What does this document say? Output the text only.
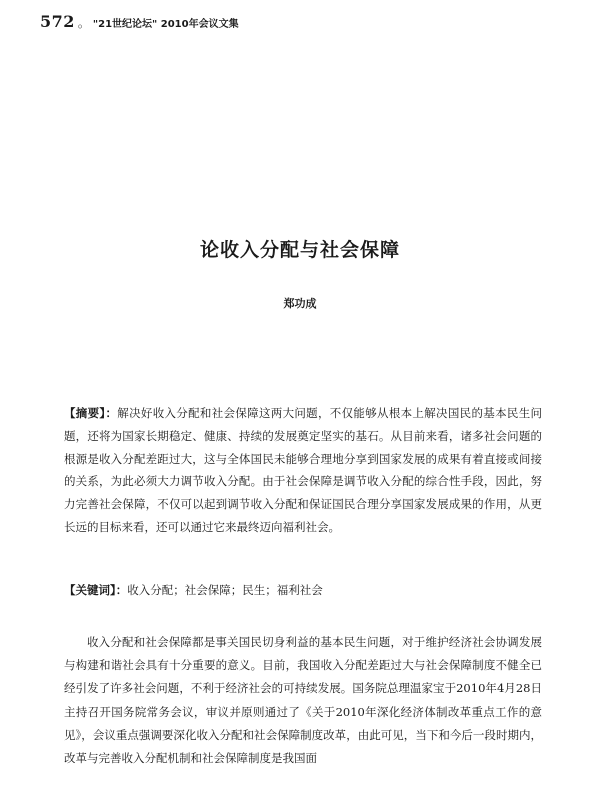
572 。 "21世纪论坛" 2010年会议文集
论收入分配与社会保障
郑功成
【摘要】：解决好收入分配和社会保障这两大问题，不仅能够从根本上解决国民的基本民生问题，还将为国家长期稳定、健康、持续的发展奠定坚实的基石。从目前来看，诸多社会问题的根源是收入分配差距过大，这与全体国民未能够合理地分享到国家发展的成果有着直接或间接的关系，为此必须大力调节收入分配。由于社会保障是调节收入分配的综合性手段，因此，努力完善社会保障，不仅可以起到调节收入分配和保证国民合理分享国家发展成果的作用，从更长远的目标来看，还可以通过它来最终迈向福利社会。
【关键词】：收入分配；社会保障；民生；福利社会
收入分配和社会保障都是事关国民切身利益的基本民生问题，对于维护经济社会协调发展与构建和谐社会具有十分重要的意义。目前，我国收入分配差距过大与社会保障制度不健全已经引发了许多社会问题，不利于经济社会的可持续发展。国务院总理温家宝于2010年4月28日主持召开国务院常务会议，审议并原则通过了《关于2010年深化经济体制改革重点工作的意见》，会议重点强调要深化收入分配和社会保障制度改革，由此可见，当下和今后一段时期内，改革与完善收入分配机制和社会保障制度是我国面
